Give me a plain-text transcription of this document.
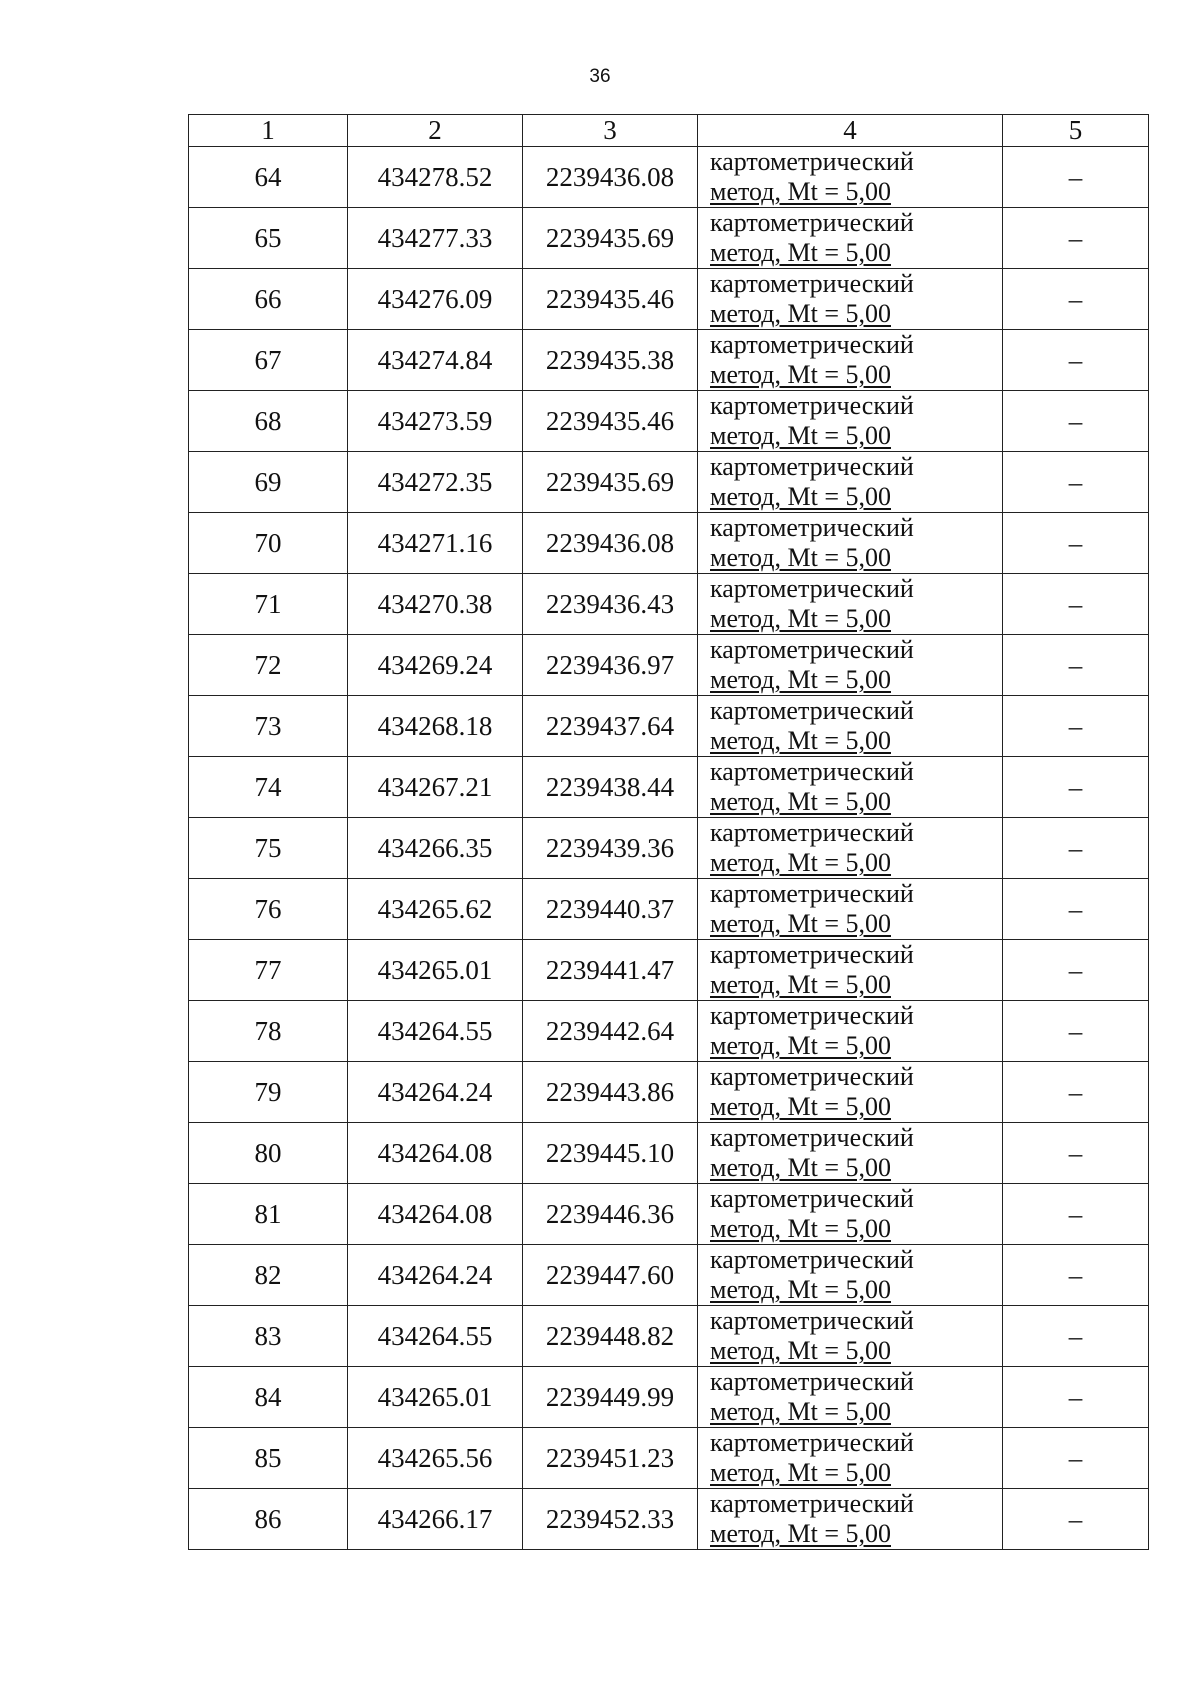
36
1	2	3	4	5
64	434278.52	2239436.08	картометрический
метод, Mt = 5,00	–
65	434277.33	2239435.69	картометрический
метод, Mt = 5,00	–
66	434276.09	2239435.46	картометрический
метод, Mt = 5,00	–
67	434274.84	2239435.38	картометрический
метод, Mt = 5,00	–
68	434273.59	2239435.46	картометрический
метод, Mt = 5,00	–
69	434272.35	2239435.69	картометрический
метод, Mt = 5,00	–
70	434271.16	2239436.08	картометрический
метод, Mt = 5,00	–
71	434270.38	2239436.43	картометрический
метод, Mt = 5,00	–
72	434269.24	2239436.97	картометрический
метод, Mt = 5,00	–
73	434268.18	2239437.64	картометрический
метод, Mt = 5,00	–
74	434267.21	2239438.44	картометрический
метод, Mt = 5,00	–
75	434266.35	2239439.36	картометрический
метод, Mt = 5,00	–
76	434265.62	2239440.37	картометрический
метод, Mt = 5,00	–
77	434265.01	2239441.47	картометрический
метод, Mt = 5,00	–
78	434264.55	2239442.64	картометрический
метод, Mt = 5,00	–
79	434264.24	2239443.86	картометрический
метод, Mt = 5,00	–
80	434264.08	2239445.10	картометрический
метод, Mt = 5,00	–
81	434264.08	2239446.36	картометрический
метод, Mt = 5,00	–
82	434264.24	2239447.60	картометрический
метод, Mt = 5,00	–
83	434264.55	2239448.82	картометрический
метод, Mt = 5,00	–
84	434265.01	2239449.99	картометрический
метод, Mt = 5,00	–
85	434265.56	2239451.23	картометрический
метод, Mt = 5,00	–
86	434266.17	2239452.33	картометрический
метод, Mt = 5,00	–
